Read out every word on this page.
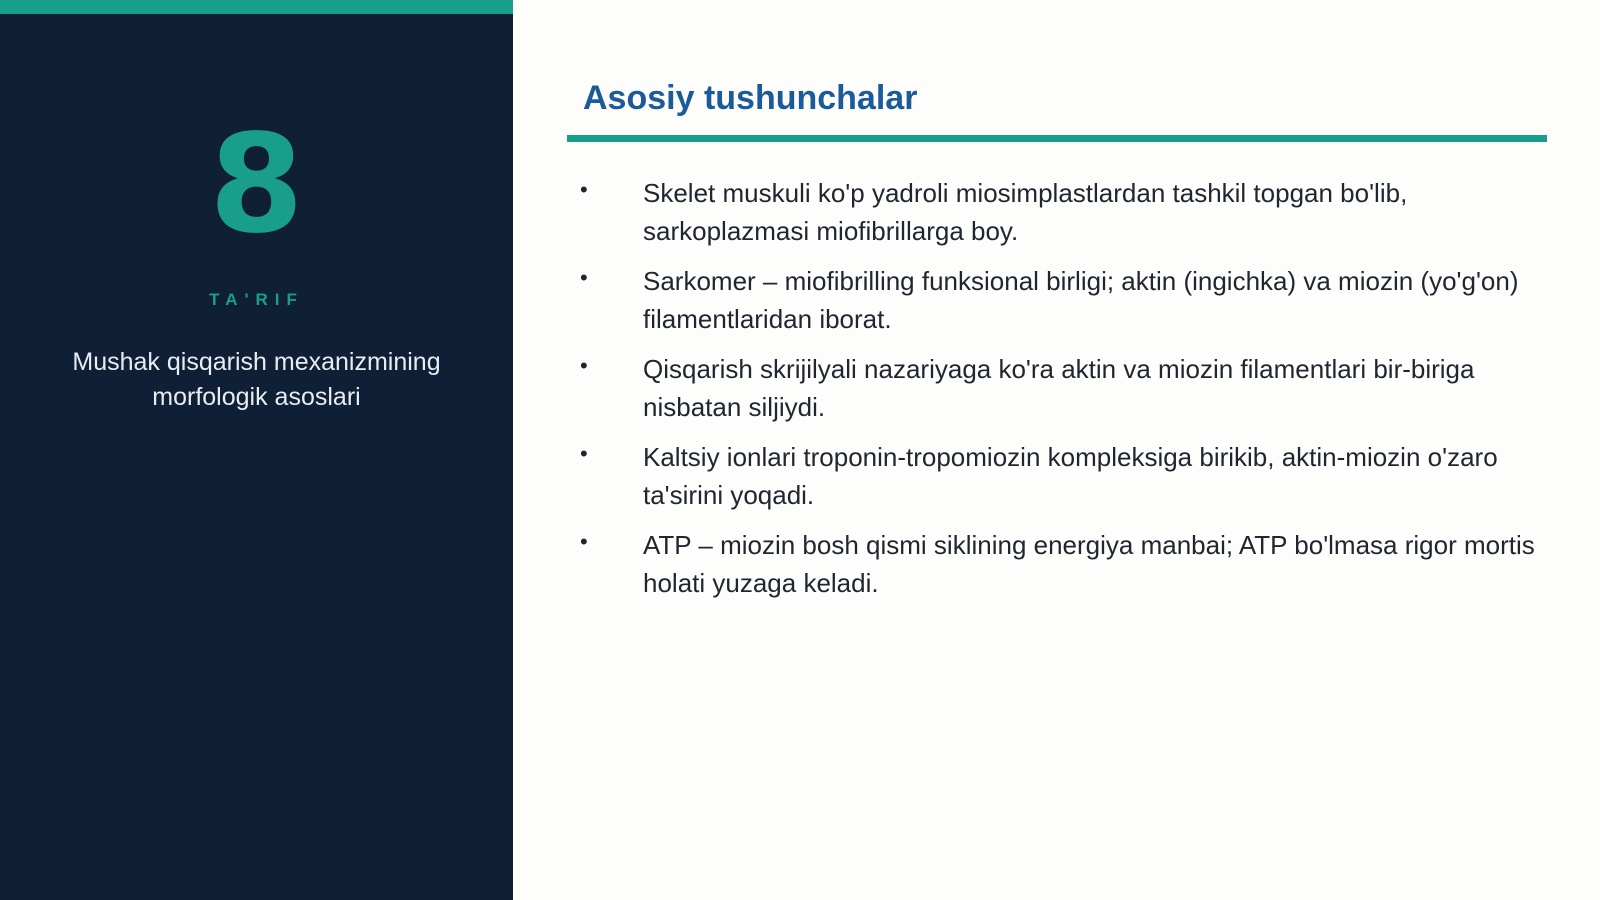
8
TA'RIF
Mushak qisqarish mexanizmining morfologik asoslari
Asosiy tushunchalar
• Skelet muskuli ko'p yadroli miosimplastlardan tashkil topgan bo'lib, sarkoplazmasi miofibrillarga boy.
• Sarkomer – miofibrilling funksional birligi; aktin (ingichka) va miozin (yo'g'on) filamentlaridan iborat.
• Qisqarish skrijilyali nazariyaga ko'ra aktin va miozin filamentlari bir-biriga nisbatan siljiydi.
• Kaltsiy ionlari troponin-tropomiozin kompleksiga birikib, aktin-miozin o'zaro ta'sirini yoqadi.
• ATP – miozin bosh qismi siklining energiya manbai; ATP bo'lmasa rigor mortis holati yuzaga keladi.
